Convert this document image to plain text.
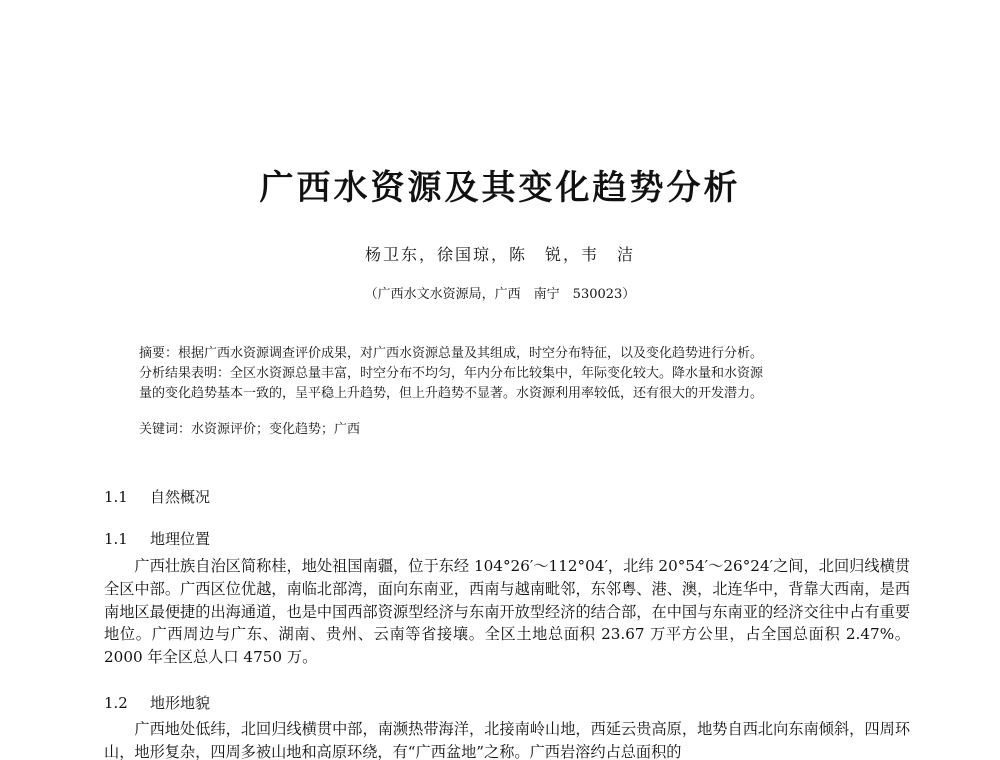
广西水资源及其变化趋势分析
杨卫东，徐国琼，陈　锐，韦　洁
（广西水文水资源局，广西　南宁　530023）

摘要：根据广西水资源调查评价成果，对广西水资源总量及其组成，时空分布特征，以及变化趋势进行分析。

分析结果表明：全区水资源总量丰富，时空分布不均匀，年内分布比较集中，年际变化较大。降水量和水资源

量的变化趋势基本一致的，呈平稳上升趋势，但上升趋势不显著。水资源利用率较低，还有很大的开发潜力。

关键词：水资源评价；变化趋势；广西
1.1 自然概况
1.1 地理位置

广西壮族自治区简称桂，地处祖国南疆，位于东经 104°26′～112°04′，北纬 20°54′～26°24′之间，北回归线横贯全区中部。广西区位优越，南临北部湾，面向东南亚，西南与越南毗邻，东邻粤、港、澳，北连华中，背靠大西南，是西南地区最便捷的出海通道，也是中国西部资源型经济与东南开放型经济的结合部，在中国与东南亚的经济交往中占有重要地位。广西周边与广东、湖南、贵州、云南等省接壤。全区土地总面积 23.67 万平方公里，占全国总面积 2.47%。2000 年全区总人口 4750 万。

1.2 地形地貌

广西地处低纬，北回归线横贯中部，南濒热带海洋，北接南岭山地，西延云贵高原，地势自西北向东南倾斜，四周环山，地形复杂，四周多被山地和高原环绕，有“广西盆地”之称。广西岩溶约占总面积的
